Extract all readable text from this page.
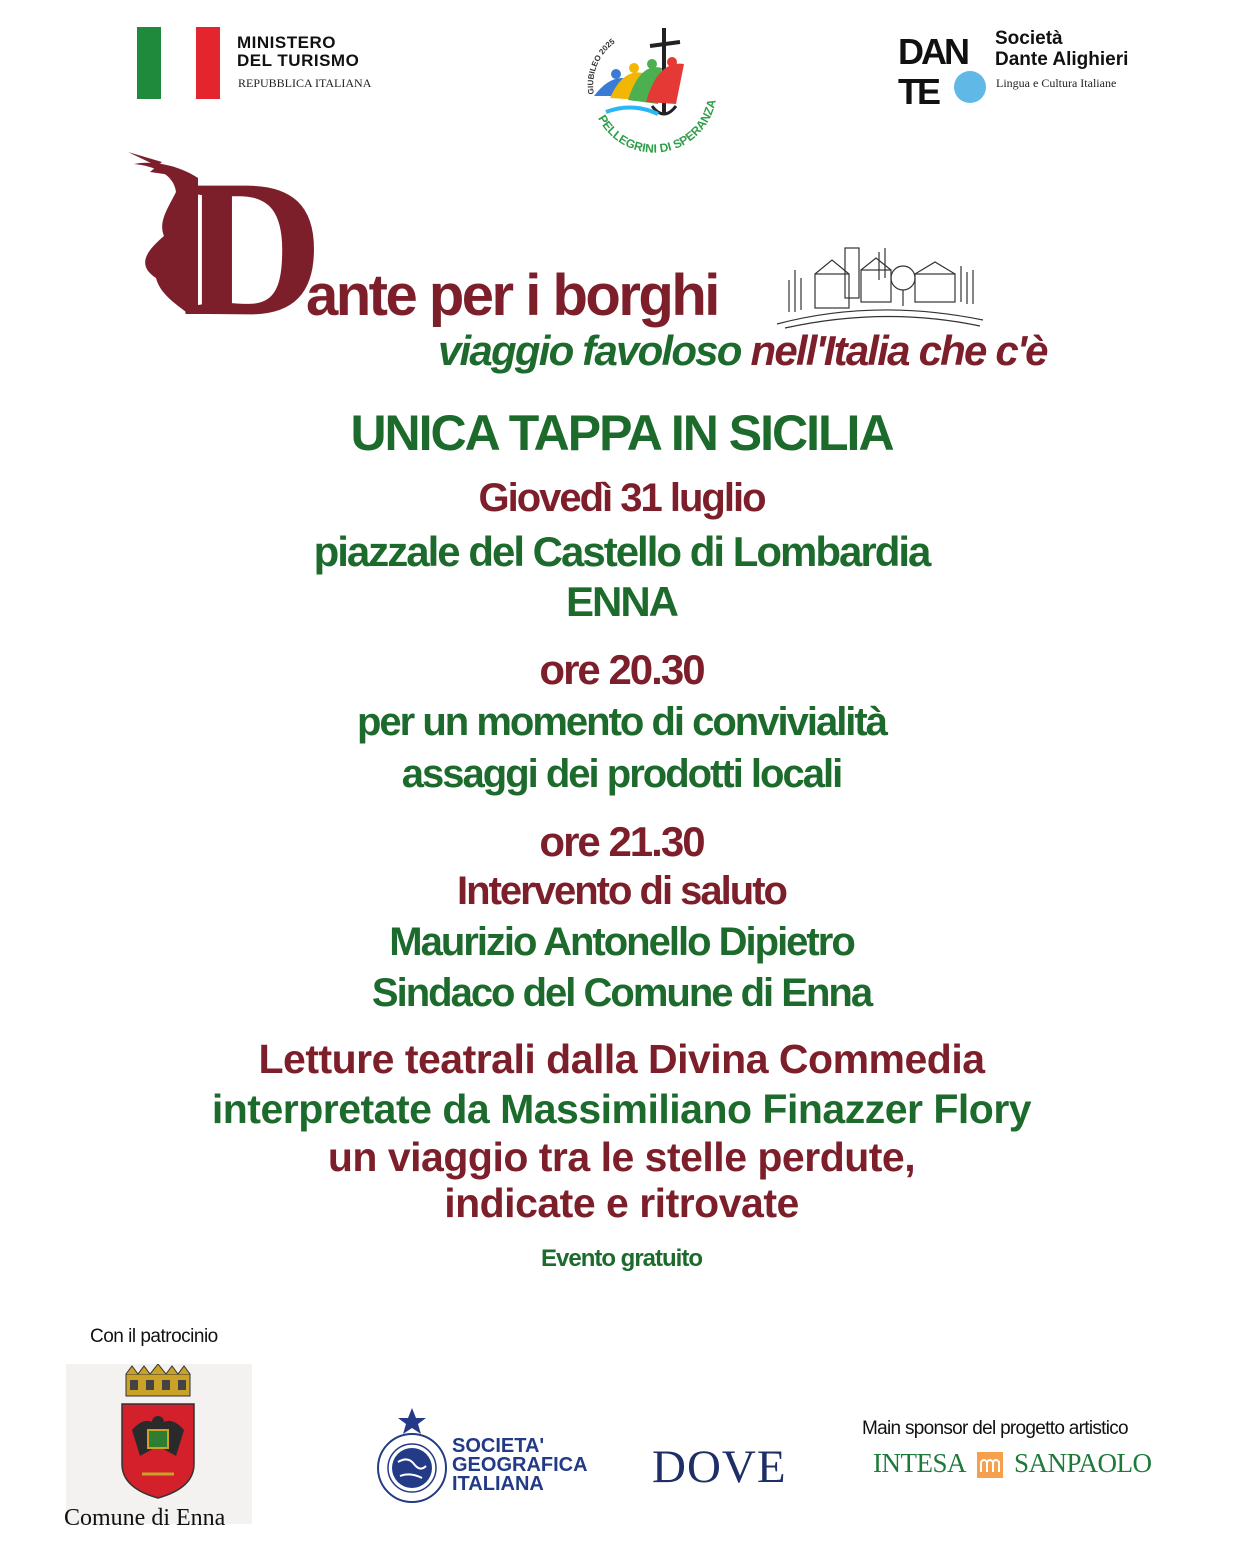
MINISTERO
DEL TURISMO
REPUBBLICA ITALIANA
GIUBILEO 2025
PELLEGRINI DI SPERANZA
DAN
TE
Società
Dante Alighieri
Lingua e Cultura Italiane
D
ante per i borghi
viaggio favoloso nell'Italia che c'è
UNICA TAPPA IN SICILIA
Giovedì 31 luglio
piazzale del Castello di Lombardia
ENNA
ore 20.30
per un momento di convivialità
assaggi dei prodotti locali
ore 21.30
Intervento di saluto
Maurizio Antonello Dipietro
Sindaco del Comune di Enna
Letture teatrali dalla Divina Commedia
interpretate da Massimiliano Finazzer Flory
un viaggio tra le stelle perdute,
indicate e ritrovate
Evento gratuito
Con il patrocinio
Comune di Enna
SOCIETA'
GEOGRAFICA
ITALIANA DOVE
Main sponsor del progetto artistico
INTESA SANPAOLO
